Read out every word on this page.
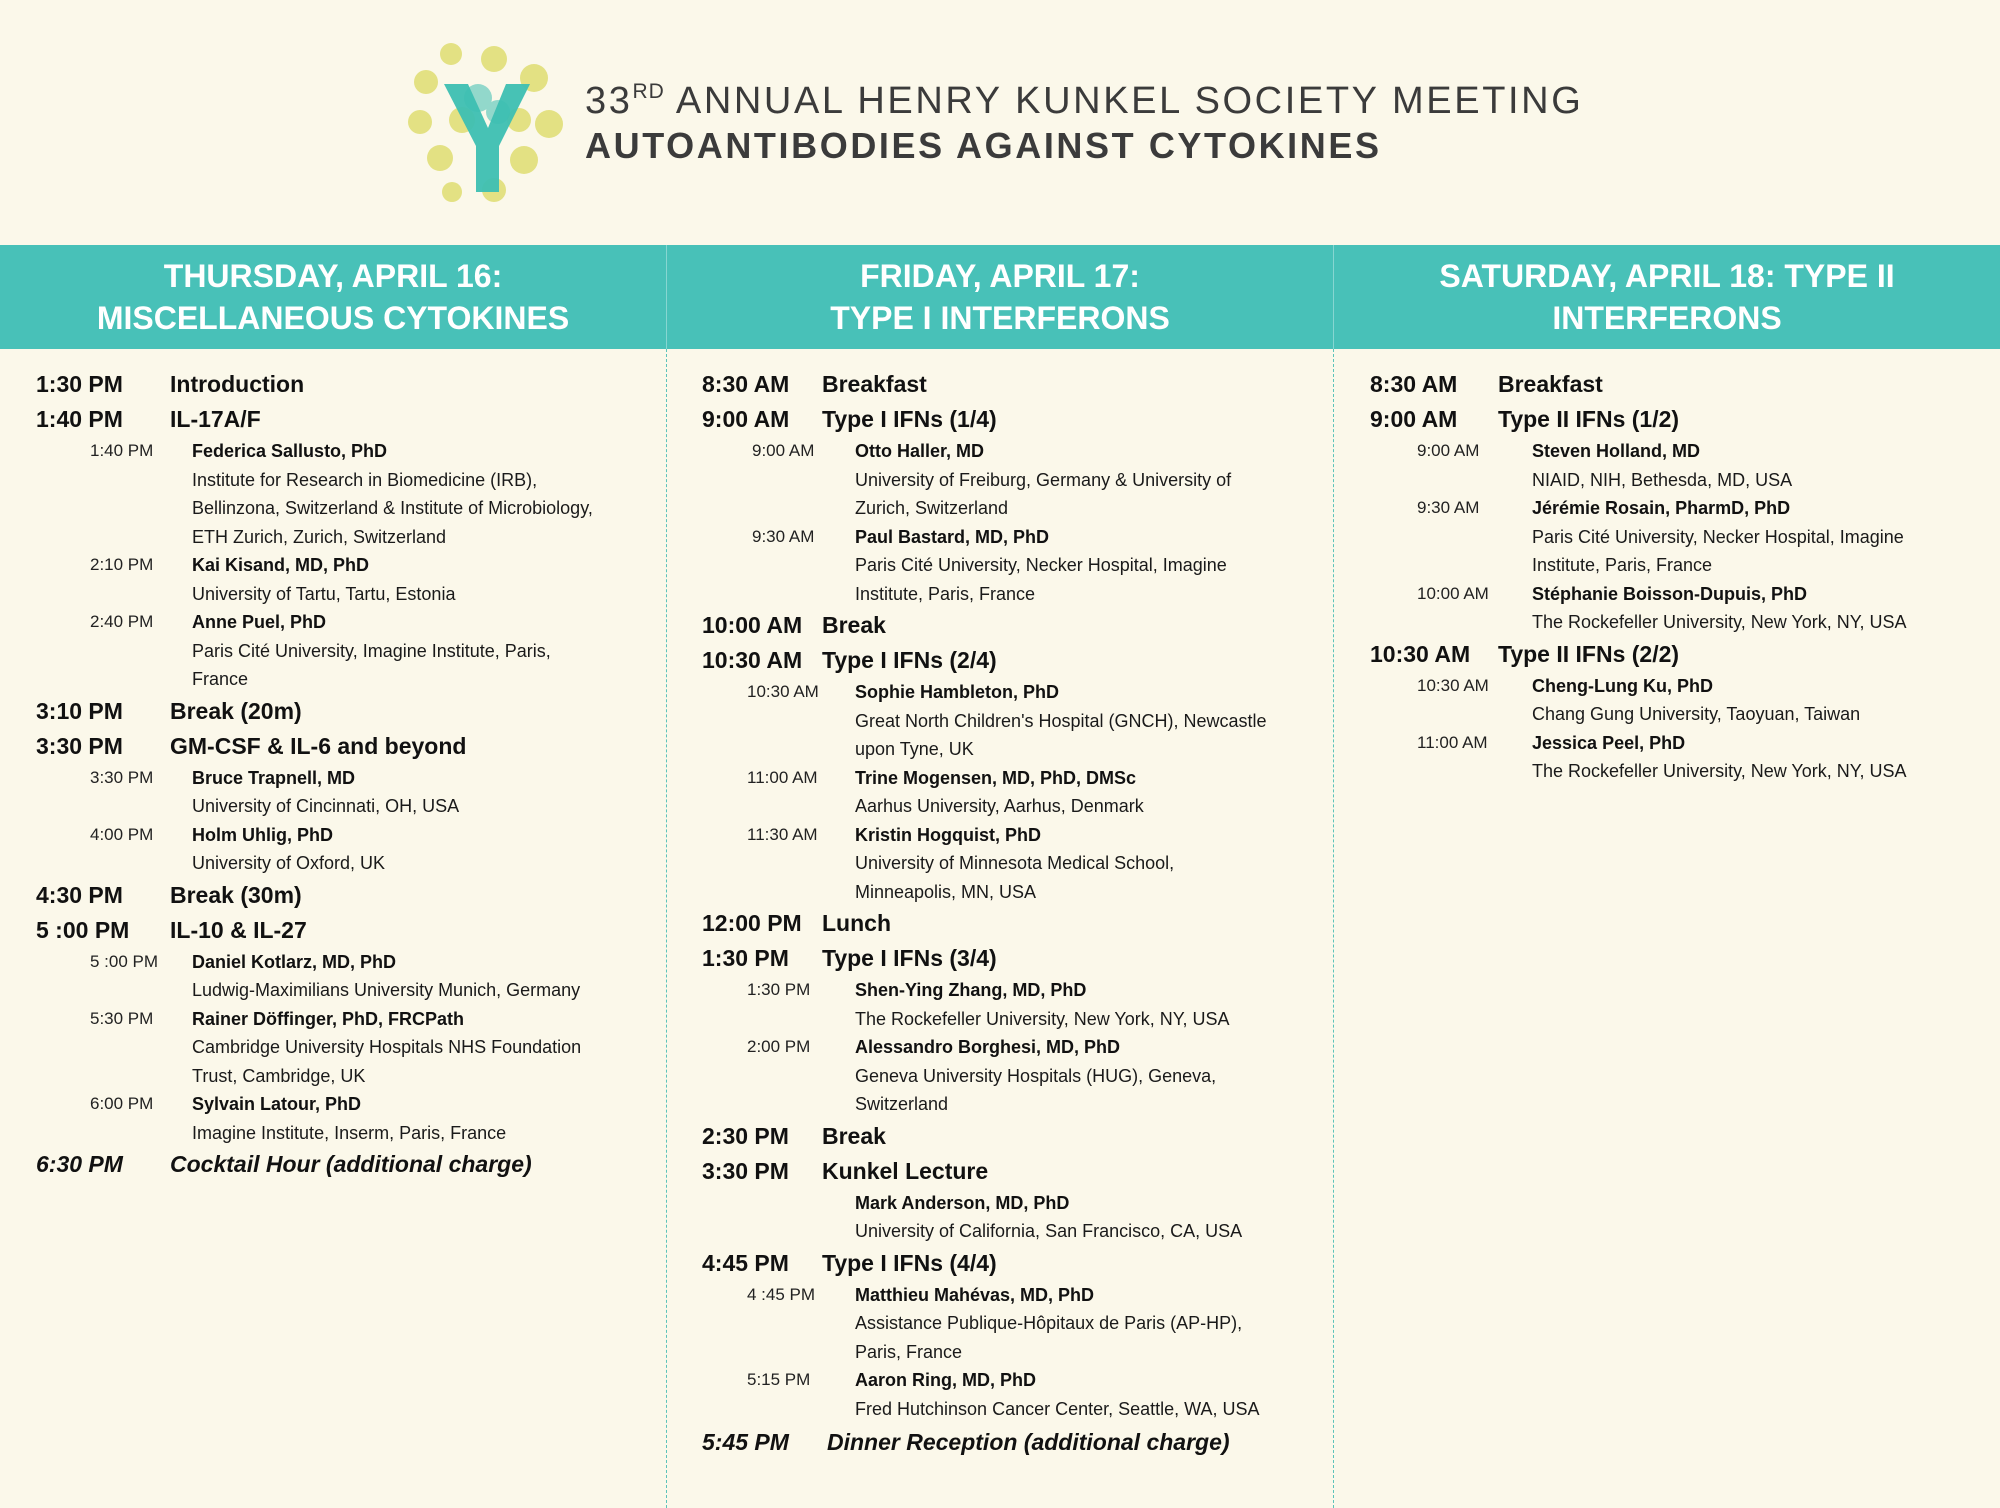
33RD ANNUAL HENRY KUNKEL SOCIETY MEETING
AUTOANTIBODIES AGAINST CYTOKINES
THURSDAY, APRIL 16:
MISCELLANEOUS CYTOKINES
FRIDAY, APRIL 17:
TYPE I INTERFERONS
SATURDAY, APRIL 18: TYPE II
INTERFERONS
1:30 PM	Introduction
1:40 PM	IL-17A/F
1:40 PM	Federica Sallusto, PhD
Institute for Research in Biomedicine (IRB),
Bellinzona, Switzerland & Institute of Microbiology,
ETH Zurich, Zurich, Switzerland
2:10 PM	Kai Kisand, MD, PhD
University of Tartu, Tartu, Estonia
2:40 PM	Anne Puel, PhD
Paris Cité University, Imagine Institute, Paris,
France
3:10 PM	Break (20m)
3:30 PM	GM-CSF & IL-6 and beyond
3:30 PM	Bruce Trapnell, MD
University of Cincinnati, OH, USA
4:00 PM	Holm Uhlig, PhD
University of Oxford, UK
4:30 PM	Break (30m)
5 :00 PM	IL-10 & IL-27
5 :00 PM	Daniel Kotlarz, MD, PhD
Ludwig-Maximilians University Munich, Germany
5:30 PM	Rainer Döffinger, PhD, FRCPath
Cambridge University Hospitals NHS Foundation
Trust, Cambridge, UK
6:00 PM	Sylvain Latour, PhD
Imagine Institute, Inserm, Paris, France
6:30 PM	Cocktail Hour (additional charge)
8:30 AM	Breakfast
9:00 AM	Type I IFNs (1/4)
9:00 AM	Otto Haller, MD
University of Freiburg, Germany & University of
Zurich, Switzerland
9:30 AM	Paul Bastard, MD, PhD
Paris Cité University, Necker Hospital, Imagine
Institute, Paris, France
10:00 AM Break
10:30 AM Type I IFNs (2/4)
10:30 AM	Sophie Hambleton, PhD
Great North Children's Hospital (GNCH), Newcastle
upon Tyne, UK
11:00 AM	Trine Mogensen, MD, PhD, DMSc
Aarhus University, Aarhus, Denmark
11:30 AM	Kristin Hogquist, PhD
University of Minnesota Medical School,
Minneapolis, MN, USA
12:00 PM Lunch
1:30 PM	Type I IFNs (3/4)
1:30 PM	Shen-Ying Zhang, MD, PhD
The Rockefeller University, New York, NY, USA
2:00 PM	Alessandro Borghesi, MD, PhD
Geneva University Hospitals (HUG), Geneva,
Switzerland
2:30 PM	Break
3:30 PM	Kunkel Lecture
Mark Anderson, MD, PhD
University of California, San Francisco, CA, USA
4:45 PM	Type I IFNs (4/4)
4 :45 PM	Matthieu Mahévas, MD, PhD
Assistance Publique-Hôpitaux de Paris (AP-HP),
Paris, France
5:15 PM	Aaron Ring, MD, PhD
Fred Hutchinson Cancer Center, Seattle, WA, USA
5:45 PM	Dinner Reception (additional charge)
8:30 AM	Breakfast
9:00 AM	Type II IFNs (1/2)
9:00 AM	Steven Holland, MD
NIAID, NIH, Bethesda, MD, USA
9:30 AM	Jérémie Rosain, PharmD, PhD
Paris Cité University, Necker Hospital, Imagine
Institute, Paris, France
10:00 AM	Stéphanie Boisson-Dupuis, PhD
The Rockefeller University, New York, NY, USA
10:30 AM	Type II IFNs (2/2)
10:30 AM	Cheng-Lung Ku, PhD
Chang Gung University, Taoyuan, Taiwan
11:00 AM	Jessica Peel, PhD
The Rockefeller University, New York, NY, USA
